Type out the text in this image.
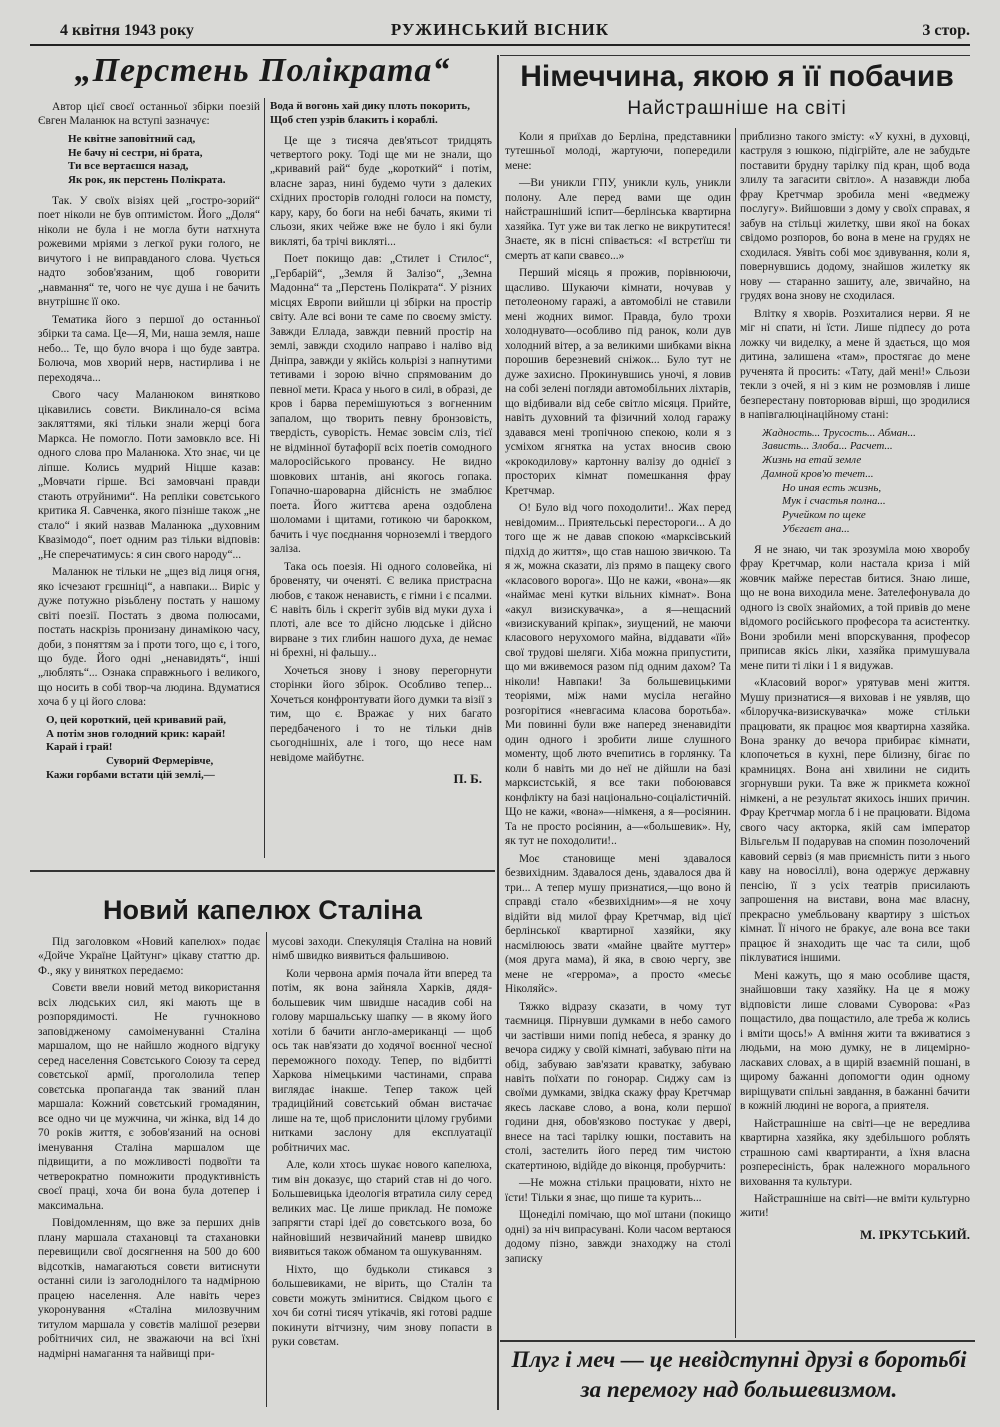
4 квітня 1943 року	РУЖИНСЬКИЙ ВІСНИК	3 стор.
„Перстень Полікрата“

Автор цієї своєї останньої збірки поезій Євген Маланюк на вступі зазначує:

Не квітне заповітний сад,
Не бачу ні сестри, ні брата,
Ти все вертаєшся назад,
Як рок, як перстень Полікрата.

Так. У своїх візіях цей „гостро-зорий“ поет ніколи не був оптимістом. Його „Доля“ ніколи не була і не могла бути натхнута рожевими мріями з легкої руки голого, не вичутого і не виправданого слова. Чується надто зобов'язаним, щоб говорити „навмання“ те, чого не чує душа і не бачить внутрішнє її око.

Тематика його з першої до останньої збірки та сама. Це—Я, Ми, наша земля, наше небо... Те, що було вчора і що буде завтра. Болюча, мов хворий нерв, настирлива і не переходяча...

Свого часу Маланюком винятково цікавились совєти. Виклинало-ся всіма закляттями, які тільки знали жерці бога Маркса. Не помогло. Поти замовкло все. Ні одного слова про Маланюка. Хто знає, чи це ліпше. Колись мудрий Ніцше казав: „Мовчати гірше. Всі замовчані правди стають отруйними“. На репліки совєтського критика Я. Савченка, якого пізніше також „не стало“ і який назвав Маланюка „духовним Квазімодо“, поет одним раз тільки відповів: „Не сперечатимусь: я син свого народу“...

Маланюк не тільки не „щез від лиця огня, яко ісчезают грєшніці“, а навпаки... Виріс у дуже потужно різьблену постать у нашому світі поезії. Постать з двома полюсами, постать наскрізь пронизану динамікою часу, доби, з поняттям за і проти того, що є, і того, що буде. Його одні „ненавидять“, інші „люблять“... Ознака справжнього і великого, що носить в собі твор-ча людина. Вдуматися хоча б у ці його слова:

О, цей короткий, цей кривавий рай,
А потім знов голодний крик: карай!
Карай і грай!
Суворий Фермерівче,
Кажи горбами встати цій землі,—
Вода й вогонь хай дику плоть покорить,
Щоб степ узрів блакить і кораблі.

Це ще з тисяча дев'ятьсот тридцять четвертого року. Тоді ще ми не знали, що „кривавий рай“ буде „короткий“ і потім, власне зараз, нині будемо чути з далеких східних просторів голодні голоси на помсту, кару, кару, бо боги на небі бачать, якими ті сльози, яких чейже вже не було і які були викляті, ба трічі викляті...

Поет покищо дав: „Стилет і Стилос“, „Гербарій“, „Земля й Залізо“, „Земна Мадонна“ та „Перстень Полікрата“. У різних місцях Европи вийшли ці збірки на простір світу. Але всі вони те саме по своєму змісту. Завжди Еллада, завжди певний простір на землі, завжди сходило направо і наліво від Дніпра, завжди у якійсь кольрізі з напнутими тетивами і зорою вічно спрямованим до певної мети. Краса у нього в силі, в образі, де кров і барва перемішуються з вогненним запалом, що творить певну бронзовість, твердість, суворість. Немає зовсім сліз, тієї не відмінної бутафорії всіх поетів сомодного малоросійського провансу. Не видно шовкових штанів, ані якогось гопака. Гопачно-шароварна дійсність не змаблює поета. Його життєва арена оздоблена шоломами і щитами, готикою чи барокком, бачить і чує поєднання чорноземлі і твердого заліза.

Така ось поезія. Ні одного соловейка, ні бровеняту, чи оченяті. Є велика пристрасна любов, є також ненависть, є гімни і є псалми. Є навіть біль і скрегіт зубів від муки духа і плоті, але все то дійсно людське і дійсно вирване з тих глибин нашого духа, де немає ні брехні, ні фальшу...

Хочеться знову і знову перегорнути сторінки його збірок. Особливо тепер... Хочеться конфронтувати його думки та візії з тим, що є. Вражає у них багато передбаченого і то не тільки днів сьогоднішніх, але і того, що несе нам невідоме майбутнє.

П. Б.
Новий капелюх Сталіна

Під заголовком «Новий капелюх» подає «Дойче Україне Цайтунг» цікаву статтю др. Ф., яку у виняткох передаємо:

Совєти ввели новий метод використання всіх людських сил, які мають ще в розпорядимості. Не гучнокново заповідженому самоіменуванні Сталіна маршалом, що не найшло жодного відгуку серед населення Совєтського Союзу та серед совєтської армії, прогололила тепер совєтська пропаганда так званий план маршала: Кожний совєтський громадянин, все одно чи це мужчина, чи жінка, від 14 до 70 років життя, є зобов'язаний на основі іменування Сталіна маршалом ще підвищити, а по можливості подвоїти та четверократно помножити продуктивність своєї праці, хоча би вона була дотепер і максимальна.

Повідомленням, що вже за перших днів плану маршала стахановці та стахановки перевищили свої досягнення на 500 до 600 відсотків, намагаються совєти витиснути останні сили із заголоднілого та надмірною працею населення. Але навіть через укоронування «Сталіна милозвучним титулом маршала у совєтів малішої резерви робітничих сил, не зважаючи на всі їхні надмірні намагання та найвищі при-

мусові заходи. Спекуляція Сталіна на новий німб швидко виявиться фальшивою.

Коли червона армія почала йти вперед та потім, як вона зайняла Харків, дядя-большевик чим швидше насадив собі на голову маршальську шапку — в якому його хотіли б бачити англо-американці — щоб ось так нав'язати до ходячої воєнної чесної переможного походу. Тепер, по відбитті Харкова німецькими частинами, справа виглядає інакше. Тепер також цей традиційний совєтський обман вистачає лише на те, щоб прислонити цілому грубими нитками заслону для експлуатації робітничих мас.

Але, коли хтось шукає нового капелюха, тим він доказує, що старий став ні до чого. Большевицька ідеологія втратила силу серед великих мас. Це лише приклад. Не поможе запрягти старі ідеї до совєтського воза, бо найновіший незвичайний маневр швидко виявиться також обманом та ошукуванням.

Ніхто, що будьколи стикався з большевиками, не вірить, що Сталін та совєти можуть змінитися. Свідком цього є хоч би сотні тисяч утікачів, які готові радше покинути вітчизну, чим знову попасти в руки совєтам.

Німеччина, якою я її побачив
Найстрашніше на світі

Коли я приїхав до Берліна, представники тутешньої молоді, жартуючи, попередили мене:

—Ви уникли ГПУ, уникли куль, уникли полону. Але перед вами ще один найстрашніший іспит—берлінська квартирна хазяйка. Тут уже ви так легко не викрутитеся! Знаєте, як в пісні співається: «І встрєтїш ти смерть ат капи свавєо...»

Перший місяць я прожив, порівнюючи, щасливо. Шукаючи кімнати, ночував у петолеоному гаражі, а автомобілі не ставили мені жодних вимог. Правда, було трохи холоднувато—особливо під ранок, коли дув холодний вітер, а за великими шибками вікна порошив березневий сніжок... Було тут не дуже захисно. Прокинувшись уночі, я ловив на собі зелені погляди автомобільних ліхтарів, що відбивали від себе світло місяця. Прийте, навіть духовний та фізичний холод гаражу здавався мені тропічною спекою, коли я з усміхом ягнятка на устах вносив свою «крокодилову» картонну валізу до однієї з просторих кімнат помешкання фрау Кретчмар.

О! Було від чого походолити!.. Жах перед невідомим... Приятельські перестороги... А до того ще ж не давав спокою «марксівський підхід до життя», що став нашою звичкою. Та я ж, можна сказати, ліз прямо в пащеку свого «класового ворога». Що не кажи, «вона»—як «наймає мені кутки вільних кімнат». Вона «акул визискувачка», а я—нещасний «визискуваний кріпак», зиущений, не маючи класового нерухомого майна, віддавати «їй» свої трудові шеляги. Хіба можна припустити, що ми вживемося разом під одним дахом? Та ніколи! Навпаки! За большевицькими теоріями, між нами мусіла негайно розгорітися «невгасима класова боротьба». Ми повинні були вже наперед зненавидіти один одного і зробити лише слушного моменту, щоб люто вчепитись в горлянку. Та коли б навіть ми до неї не дійшли на базі марксистській, я все таки побоювався конфлікту на базі національно-соціалістичній. Що не кажи, «вона»—німкеня, а я—росіянин. Та не просто росіянин, а—«большевик». Ну, як тут не походолити!..

Моє становище мені здавалося безвихідним. Здавалося день, здавалося два й три... А тепер мушу признатися,—що воно й справді стало «безвихідним»—я не хочу відійти від милої фрау Кретчмар, від цієї берлінської квартирної хазяйки, яку насмілююсь звати «майне цвайте муттер» (моя друга мама), й яка, в свою чергу, зве мене не «геррома», а просто «месьє Ніколяйс».

Тяжко відразу сказати, в чому тут таємниця. Пірнувши думками в небо самого чи застівши ними попід небеса, я зранку до вечора сиджу у своїй кімнаті, забуваю піти на обід, забуваю зав'язати краватку, забуваю навіть поїхати по гонорар. Сиджу сам із своїми думками, звідка скажу фрау Кретчмар якесь ласкаве слово, а вона, коли першої години дня, обов'язково постукає у двері, внесе на тасі тарілку юшки, поставить на столі, застелить його перед тим чистою скатертиною, відійде до віконця, пробурчить:

—Не можна стільки працювати, ніхто не їсти! Тільки я знає, що пише та курить...

Щонеділі помічаю, що мої штани (покищо одні) за ніч випрасувані. Коли часом вертаюся додому пізно, завжди знаходжу на столі записку

приблизно такого змісту: «У кухні, в духовці, каструля з юшкою, підігрійте, але не забудьте поставити брудну тарілку під кран, щоб вода злилу та загасити світло». А назавжди люба фрау Кретчмар зробила мені «ведмежу послугу». Вийшовши з дому у своїх справах, я забув на стільці жилетку, шви якої на боках свідомо розпоров, бо вона в мене на грудях не сходилася. Уявіть собі моє здивування, коли я, повернувшись додому, знайшов жилетку як нову — старанно зашиту, але, звичайно, на грудях вона знову не сходилася.

Влітку я хворів. Розхиталися нерви. Я не міг ні спати, ні їсти. Лише підпесу до рота ложку чи виделку, а мене й здається, що моя дитина, залишена «там», простягає до мене рученята й просить: «Тату, дай мені!» Сльози текли з очей, я ні з ким не розмовляв і лише безперестану повторював вірші, що зродилися в напівгалюцінаційному стані:

Жадность... Трусость... Абман...
Зависть... Злоба... Расчет...
Жизнь на етай земле
Дамной кров'ю течет...
Но иная есть жизнь,
Мук і счастья полна...
Ручейком по щеке
Убєгаєт ана...

Я не знаю, чи так зрозуміла мою хворобу фрау Кретчмар, коли настала криза і мій жовчик майже перестав битися. Знаю лише, що не вона виходила мене. Зателефонувала до одного із своїх знайомих, а той привів до мене відомого російського професора та асистентку. Вони зробили мені впорскування, професор приписав якісь ліки, хазяйка примушувала мене пити ті ліки і 1 я видужав.

«Класовий ворог» урятував мені життя. Мушу признатися—я виховав і не уявляв, що «білоручка-визискувачка» може стільки працювати, як працює моя квартирна хазяйка. Вона зранку до вечора прибирає кімнати, клопочеться в кухні, пере білизну, бігає по крамницях. Вона ані хвилини не сидить згорнувши руки. Та вже ж прикмета кожної німкені, а не результат якихось інших причин. Фрау Кретчмар могла б і не працювати. Відома свого часу акторка, якій сам імператор Вільгельм II подарував на спомин позолочений кавовий сервіз (я мав приємність пити з нього каву на новосіллі), вона одержує державну пенсію, її з усіх театрів присилають запрошення на вистави, вона має власну, прекрасно умебльовану квартиру з шістьох кімнат. Її нічого не бракує, але вона все таки працює й знаходить ще час та сили, щоб піклуватися іншими.

Мені кажуть, що я маю особливе щастя, знайшовши таку хазяйку. На це я можу відповісти лише словами Суворова: «Раз пощастило, два пощастило, але треба ж колись і вміти щось!» А вміння жити та вживатися з людьми, на мою думку, не в лицемірно-ласкавих словах, а в щирій взаємній пошані, в щирому бажанні допомогти один одному виріщувати спільні завдання, в бажанні бачити в кожній людині не ворога, а приятеля.

Найстрашніше на світі—це не вередлива квартирна хазяйка, яку здебільшого роблять страшною самі квартиранти, а їхня власна розпересіність, брак належного морального виховання та культури.

Найстрашніше на світі—не вміти культурно жити!

М. ІРКУТСЬКИЙ.
Плуг і меч — це невідступні друзі в боротьбі за перемогу над большевизмом.
